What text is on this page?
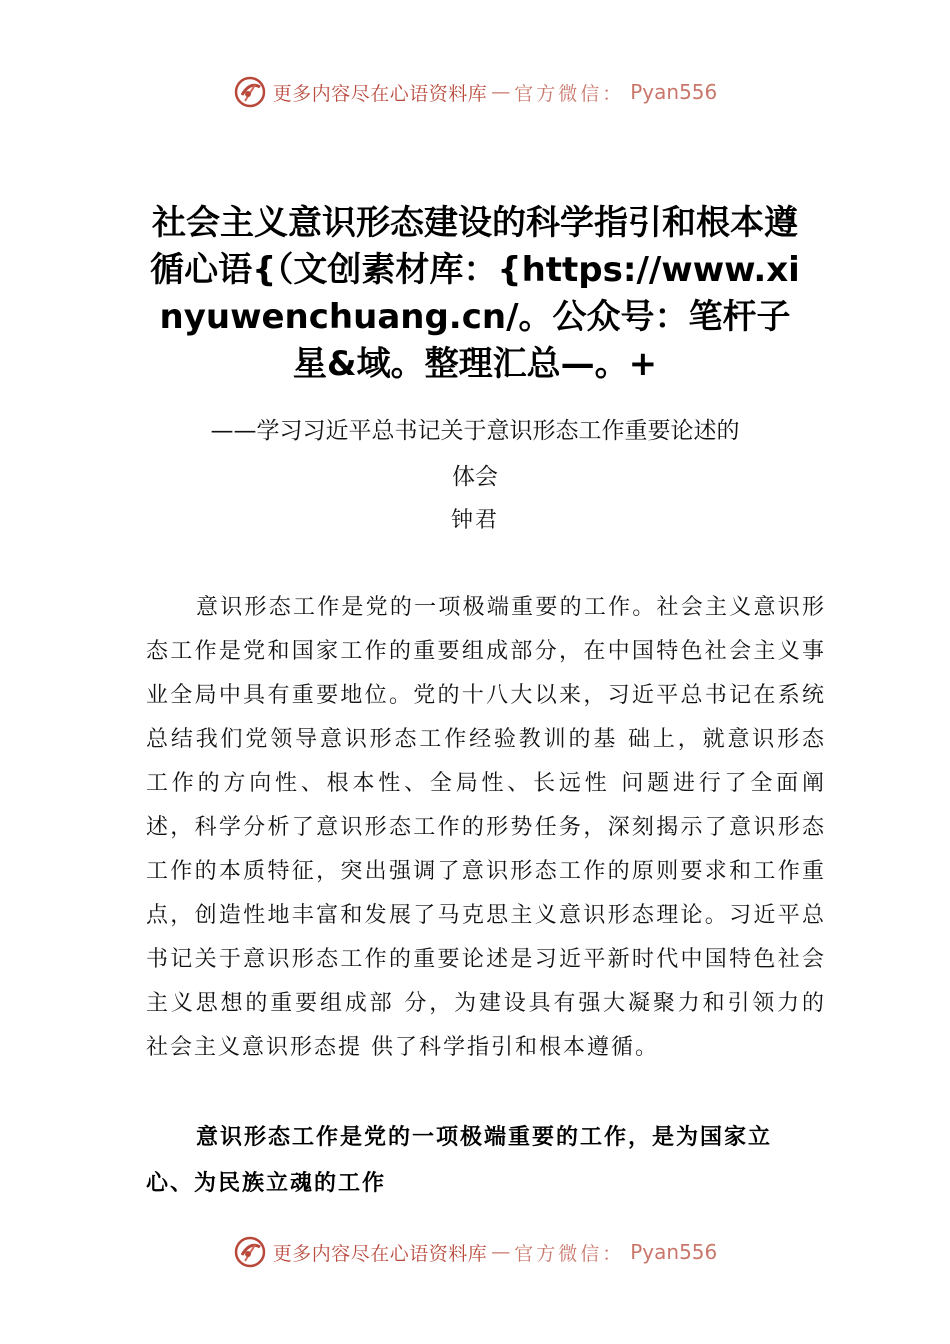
更多内容尽在心语资料库 — 官方微信： Pyan556
社会主义意识形态建设的科学指引和根本遵循心语{（文创素材库：{https://www.xinyuwenchuang.cn/。公众号：笔杆子星&域。整理汇总—。+
——学习习近平总书记关于意识形态工作重要论述的
体会
钟君

意识形态工作是党的一项极端重要的工作。社会主义意识形态工作是党和国家工作的重要组成部分，在中国特色社会主义事业全局中具有重要地位。党的十八大以来，习近平总书记在系统总结我们党领导意识形态工作经验教训的基 础上，就意识形态工作的方向性、根本性、全局性、长远性 问题进行了全面阐述，科学分析了意识形态工作的形势任务，深刻揭示了意识形态工作的本质特征，突出强调了意识形态工作的原则要求和工作重点，创造性地丰富和发展了马克思主义意识形态理论。习近平总书记关于意识形态工作的重要论述是习近平新时代中国特色社会主义思想的重要组成部 分，为建设具有强大凝聚力和引领力的社会主义意识形态提 供了科学指引和根本遵循。

意识形态工作是党的一项极端重要的工作，是为国家立心、为民族立魂的工作

更多内容尽在心语资料库 — 官方微信： Pyan556
